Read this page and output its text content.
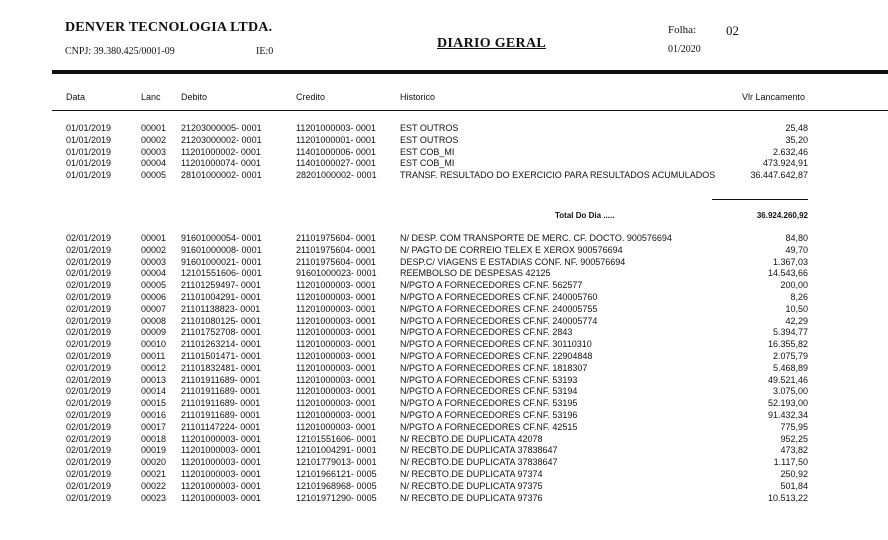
DENVER TECNOLOGIA LTDA.
CNPJ: 39.380.425/0001-09	IE:0
DIARIO GERAL
Folha: 02
01/2020
Data	Lanc Debito	Credito	Historico	Vlr Lancamento
01/01/2019	00001 21203000005- 0001	11201000003- 0001	EST OUTROS	25,48
01/01/2019	00002 21203000002- 0001	11201000001- 0001	EST OUTROS	35,20
01/01/2019	00003 11201000002- 0001	11401000006- 0001	EST COB_MI	2.632,46
01/01/2019	00004 11201000074- 0001	11401000027- 0001	EST COB_MI	473.924,91
01/01/2019	00005 28101000002- 0001	28201000002- 0001	TRANSF. RESULTADO DO EXERCICIO PARA RESULTADOS ACUMULADOS	36.447.642,87
Total Do Dia .....	36.924.260,92
02/01/2019	00001 91601000054- 0001	21101975604- 0001	N/ DESP. COM TRANSPORTE DE MERC. CF. DOCTO. 900576694	84,80
02/01/2019	00002 91601000008- 0001	21101975604- 0001	N/ PAGTO DE CORREIO TELEX E XEROX 900576694	49,70
02/01/2019	00003 91601000021- 0001	21101975604- 0001	DESP.C/ VIAGENS E ESTADIAS CONF. NF. 900576694	1.367,03
02/01/2019	00004 12101551606- 0001	91601000023- 0001	REEMBOLSO DE DESPESAS 42125	14.543,66
02/01/2019	00005 21101259497- 0001	11201000003- 0001	N/PGTO A FORNECEDORES CF.NF. 562577	200,00
02/01/2019	00006 21101004291- 0001	11201000003- 0001	N/PGTO A FORNECEDORES CF.NF. 240005760	8,26
02/01/2019	00007 21101138823- 0001	11201000003- 0001	N/PGTO A FORNECEDORES CF.NF. 240005755	10,50
02/01/2019	00008 21101080125- 0001	11201000003- 0001	N/PGTO A FORNECEDORES CF.NF. 240005774	42,29
02/01/2019	00009 21101752708- 0001	11201000003- 0001	N/PGTO A FORNECEDORES CF.NF. 2843	5.394,77
02/01/2019	00010 21101263214- 0001	11201000003- 0001	N/PGTO A FORNECEDORES CF.NF. 30110310	16.355,82
02/01/2019	00011 21101501471- 0001	11201000003- 0001	N/PGTO A FORNECEDORES CF.NF. 22904848	2.075,79
02/01/2019	00012 21101832481- 0001	11201000003- 0001	N/PGTO A FORNECEDORES CF.NF. 1818307	5.468,89
02/01/2019	00013 21101911689- 0001	11201000003- 0001	N/PGTO A FORNECEDORES CF.NF. 53193	49.521,46
02/01/2019	00014 21101911689- 0001	11201000003- 0001	N/PGTO A FORNECEDORES CF.NF. 53194	3.075,00
02/01/2019	00015 21101911689- 0001	11201000003- 0001	N/PGTO A FORNECEDORES CF.NF. 53195	52.193,00
02/01/2019	00016 21101911689- 0001	11201000003- 0001	N/PGTO A FORNECEDORES CF.NF. 53196	91.432,34
02/01/2019	00017 21101147224- 0001	11201000003- 0001	N/PGTO A FORNECEDORES CF.NF. 42515	775,95
02/01/2019	00018 11201000003- 0001	12101551606- 0001	N/ RECBTO.DE DUPLICATA 42078	952,25
02/01/2019	00019 11201000003- 0001	12101004291- 0001	N/ RECBTO.DE DUPLICATA 37838647	473,82
02/01/2019	00020 11201000003- 0001	12101779013- 0001	N/ RECBTO.DE DUPLICATA 37838647	1.117,50
02/01/2019	00021 11201000003- 0001	12101966121- 0005	N/ RECBTO.DE DUPLICATA 97374	250,92
02/01/2019	00022 11201000003- 0001	12101968968- 0005	N/ RECBTO.DE DUPLICATA 97375	501,84
02/01/2019	00023 11201000003- 0001	12101971290- 0005	N/ RECBTO.DE DUPLICATA 97376	10.513,22
